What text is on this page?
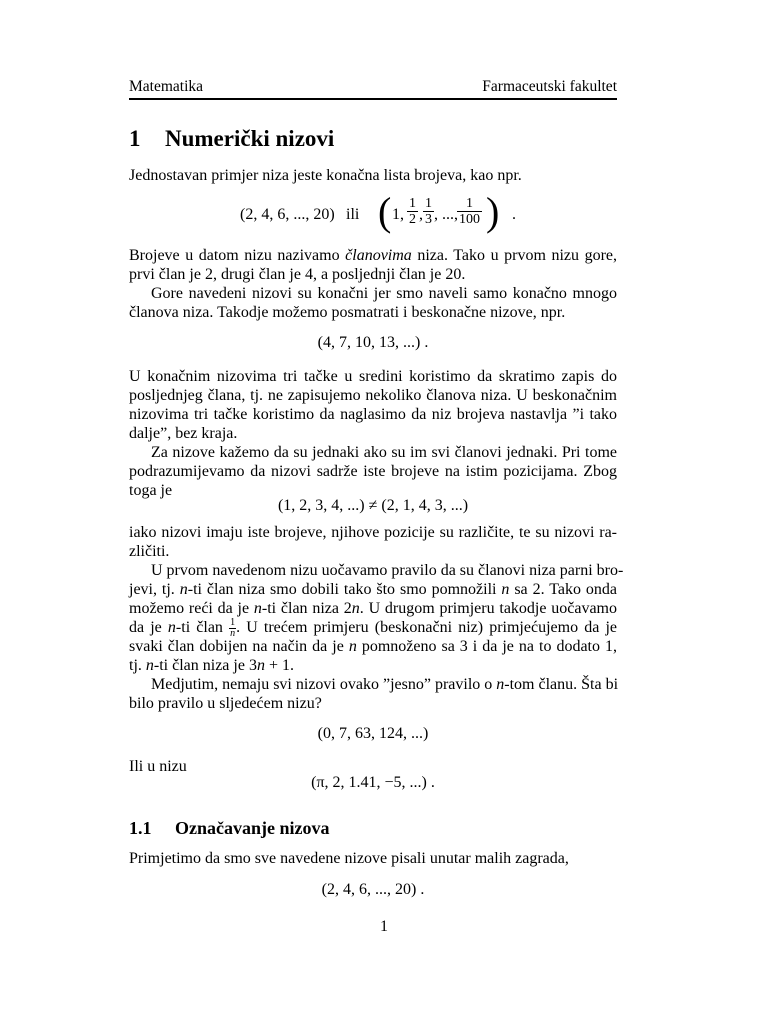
Matematika	Farmaceutski fakultet
1 Numerički nizovi
Jednostavan primjer niza jeste konačna lista brojeva, kao npr.
(2, 4, 6, ..., 20) ili ( 1, $\frac{1}{2}$ , $\frac{1}{3}$ , ..., $\frac{1}{100}$ ) .
Brojeve u datom nizu nazivamo članovima niza. Tako u prvom nizu gore,
prvi član je 2, drugi član je 4, a posljednji član je 20.
Gore navedeni nizovi su konačni jer smo naveli samo konačno mnogo
članova niza. Takodje možemo posmatrati i beskonačne nizove, npr.
(4, 7, 10, 13, ...) .
U konačnim nizovima tri tačke u sredini koristimo da skratimo zapis do
posljednjeg člana, tj. ne zapisujemo nekoliko članova niza. U beskonačnim
nizovima tri tačke koristimo da naglasimo da niz brojeva nastavlja ”i tako
dalje”, bez kraja.
Za nizove kažemo da su jednaki ako su im svi članovi jednaki. Pri tome
podrazumijevamo da nizovi sadrže iste brojeve na istim pozicijama. Zbog
toga je
(1, 2, 3, 4, ...) ≠ (2, 1, 4, 3, ...)
iako nizovi imaju iste brojeve, njihove pozicije su različite, te su nizovi ra-
zličiti.
U prvom navedenom nizu uočavamo pravilo da su članovi niza parni bro-
jevi, tj. n-ti član niza smo dobili tako što smo pomnožili n sa 2. Tako onda
možemo reći da je n-ti član niza 2n. U drugom primjeru takodje uočavamo
da je n-ti član $\frac{1}{n}$ . U trećem primjeru (beskonačni niz) primjećujemo da je
svaki član dobijen na način da je n pomnoženo sa 3 i da je na to dodato 1,
tj. n-ti član niza je 3n + 1.
Medjutim, nemaju svi nizovi ovako ”jesno” pravilo o n-tom članu. Šta bi
bilo pravilo u sljedećem nizu?
(0, 7, 63, 124, ...)
Ili u nizu
(π, 2, 1.41, −5, ...) .
1.1 Označavanje nizova
Primjetimo da smo sve navedene nizove pisali unutar malih zagrada,
(2, 4, 6, ..., 20) .
1
